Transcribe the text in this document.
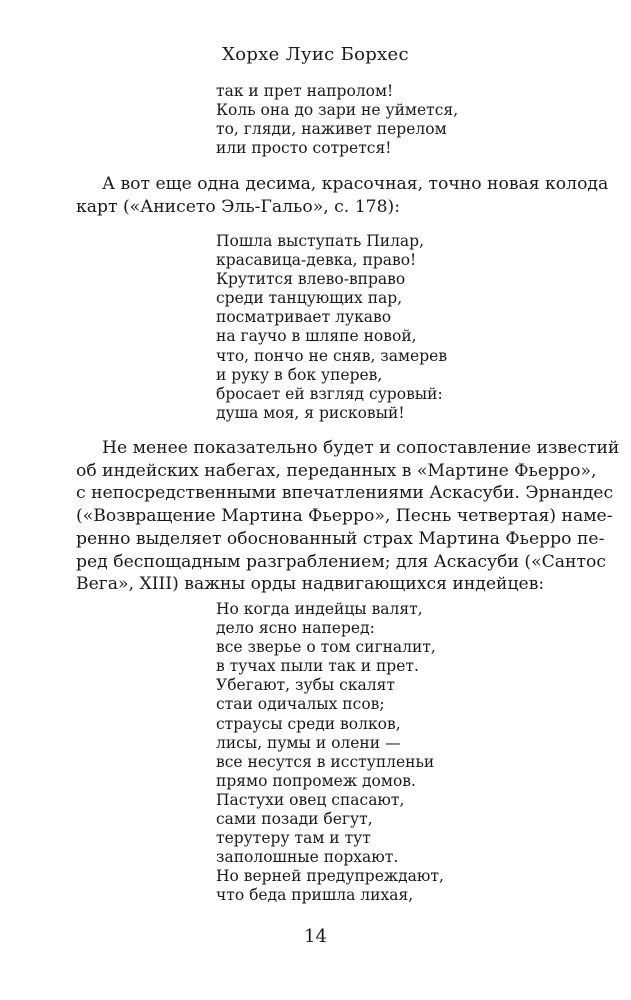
Хорхе Луис Борхес
так и прет напролом!
Коль она до зари не уймется,
то, гляди, наживет перелом
или просто сотрется!
А вот еще одна десима, красочная, точно новая колода
карт («Анисето Эль-Гальо», с. 178):
Пошла выступать Пилар,
красавица-девка, право!
Крутится влево-вправо
среди танцующих пар,
посматривает лукаво
на гаучо в шляпе новой,
что, пончо не сняв, замерев
и руку в бок уперев,
бросает ей взгляд суровый:
душа моя, я рисковый!
Не менее показательно будет и сопоставление известий
об индейских набегах, переданных в «Мартине Фьерро»,
с непосредственными впечатлениями Аскасуби. Эрнандес
(«Возвращение Мартина Фьерро», Песнь четвертая) наме-
ренно выделяет обоснованный страх Мартина Фьерро пе-
ред беспощадным разграблением; для Аскасуби («Сантос
Вега», XIII) важны орды надвигающихся индейцев:
Но когда индейцы валят,
дело ясно наперед:
все зверье о том сигналит,
в тучах пыли так и прет.
Убегают, зубы скалят
стаи одичалых псов;
страусы среди волков,
лисы, пумы и олени —
все несутся в исступленьи
прямо попромеж домов.
Пастухи овец спасают,
сами позади бегут,
терутеру там и тут
заполошные порхают.
Но верней предупреждают,
что беда пришла лихая,
14
